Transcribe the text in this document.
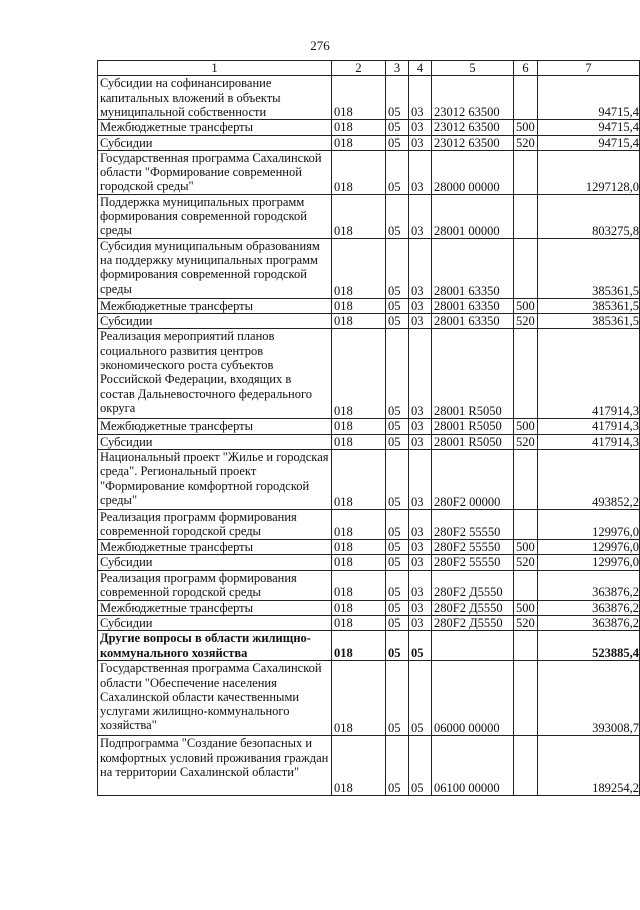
276
1	2	3	4	5	6	7
Субсидии на софинансирование капитальных вложений в объекты муниципальной собственности	018	05	03	23012 63500		94715,4
Межбюджетные трансферты	018	05	03	23012 63500	500	94715,4
Субсидии	018	05	03	23012 63500	520	94715,4
Государственная программа Сахалинской области "Формирование современной городской среды"	018	05	03	28000 00000		1297128,0
Поддержка муниципальных программ формирования современной городской среды	018	05	03	28001 00000		803275,8
Субсидия муниципальным образованиям на поддержку муниципальных программ формирования современной городской среды	018	05	03	28001 63350		385361,5
Межбюджетные трансферты	018	05	03	28001 63350	500	385361,5
Субсидии	018	05	03	28001 63350	520	385361,5
Реализация мероприятий планов социального развития центров экономического роста субъектов Российской Федерации, входящих в состав Дальневосточного федерального округа	018	05	03	28001 R5050		417914,3
Межбюджетные трансферты	018	05	03	28001 R5050	500	417914,3
Субсидии	018	05	03	28001 R5050	520	417914,3
Национальный проект "Жилье и городская среда". Региональный проект "Формирование комфортной городской среды"	018	05	03	280F2 00000		493852,2
Реализация программ формирования современной городской среды	018	05	03	280F2 55550		129976,0
Межбюджетные трансферты	018	05	03	280F2 55550	500	129976,0
Субсидии	018	05	03	280F2 55550	520	129976,0
Реализация программ формирования современной городской среды	018	05	03	280F2 Д5550		363876,2
Межбюджетные трансферты	018	05	03	280F2 Д5550	500	363876,2
Субсидии	018	05	03	280F2 Д5550	520	363876,2
Другие вопросы в области жилищно-коммунального хозяйства	018	05	05			523885,4
Государственная программа Сахалинской области "Обеспечение населения Сахалинской области качественными услугами жилищно-коммунального хозяйства"	018	05	05	06000 00000		393008,7
Подпрограмма "Создание безопасных и комфортных условий проживания граждан на территории Сахалинской области"	018	05	05	06100 00000		189254,2
